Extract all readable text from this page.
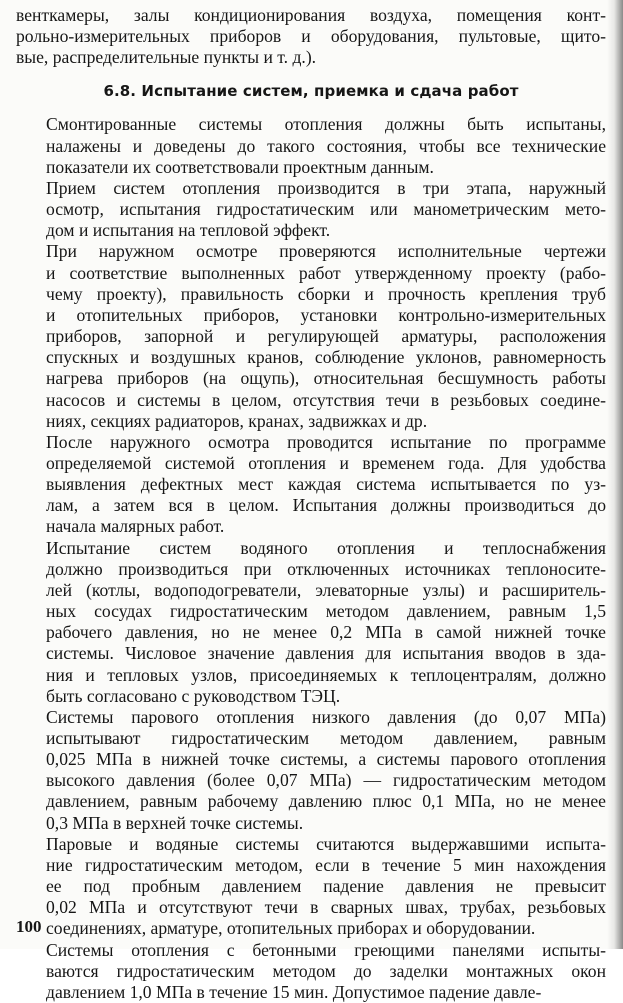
венткамеры, залы кондиционирования воздуха, помещения конт-
рольно-измерительных приборов и оборудования, пультовые, щито-
вые, распределительные пункты и т. д.).

6.8. Испытание систем, приемка и сдача работ

Смонтированные системы отопления должны быть испытаны,
налажены и доведены до такого состояния, чтобы все технические
показатели их соответствовали проектным данным.

Прием систем отопления производится в три этапа, наружный
осмотр, испытания гидростатическим или манометрическим мето-
дом и испытания на тепловой эффект.

При наружном осмотре проверяются исполнительные чертежи
и соответствие выполненных работ утвержденному проекту (рабо-
чему проекту), правильность сборки и прочность крепления труб
и отопительных приборов, установки контрольно-измерительных
приборов, запорной и регулирующей арматуры, расположения
спускных и воздушных кранов, соблюдение уклонов, равномерность
нагрева приборов (на ощупь), относительная бесшумность работы
насосов и системы в целом, отсутствия течи в резьбовых соедине-
ниях, секциях радиаторов, кранах, задвижках и др.

После наружного осмотра проводится испытание по программе
определяемой системой отопления и временем года. Для удобства
выявления дефектных мест каждая система испытывается по уз-
лам, а затем вся в целом. Испытания должны производиться до
начала малярных работ.

Испытание систем водяного отопления и теплоснабжения
должно производиться при отключенных источниках теплоносите-
лей (котлы, водоподогреватели, элеваторные узлы) и расширитель-
ных сосудах гидростатическим методом давлением, равным 1,5
рабочего давления, но не менее 0,2 МПа в самой нижней точке
системы. Числовое значение давления для испытания вводов в зда-
ния и тепловых узлов, присоединяемых к теплоцентралям, должно
быть согласовано с руководством ТЭЦ.

Системы парового отопления низкого давления (до 0,07 МПа)
испытывают гидростатическим методом давлением, равным
0,025 МПа в нижней точке системы, а системы парового отопления
высокого давления (более 0,07 МПа) — гидростатическим методом
давлением, равным рабочему давлению плюс 0,1 МПа, но не менее
0,3 МПа в верхней точке системы.

Паровые и водяные системы считаются выдержавшими испыта-
ние гидростатическим методом, если в течение 5 мин нахождения
ее под пробным давлением падение давления не превысит
0,02 МПа и отсутствуют течи в сварных швах, трубах, резьбовых
соединениях, арматуре, отопительных приборах и оборудовании.

Системы отопления с бетонными греющими панелями испыты-
ваются гидростатическим методом до заделки монтажных окон
давлением 1,0 МПа в течение 15 мин. Допустимое падение давле-

100
